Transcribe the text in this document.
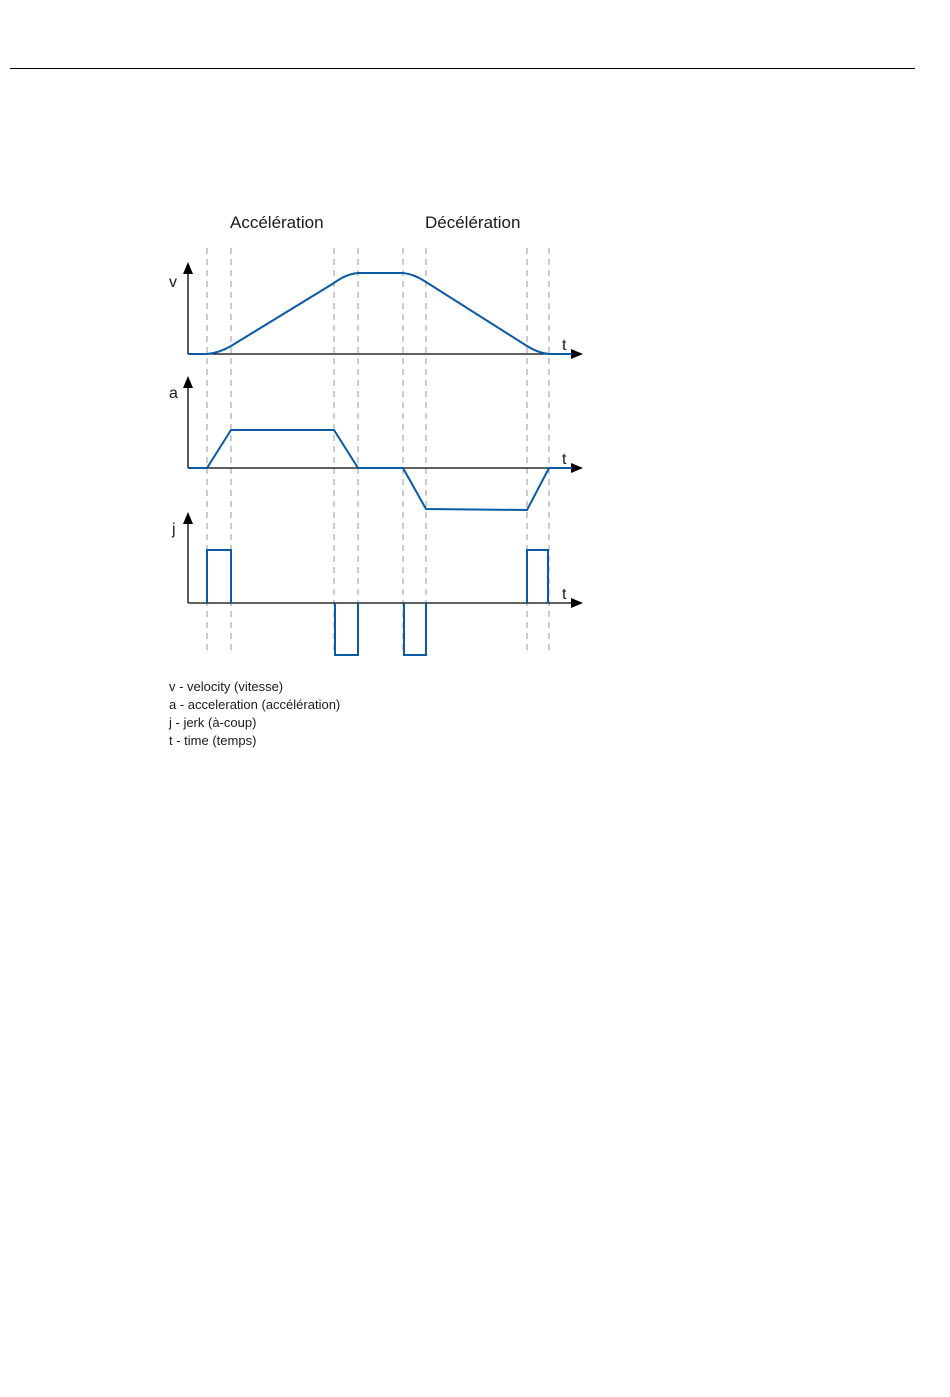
Accélération	Décélération
v
t
a
t
j
t
v - velocity (vitesse)
a - acceleration (accélération)
j - jerk (à-coup)
t - time (temps)
